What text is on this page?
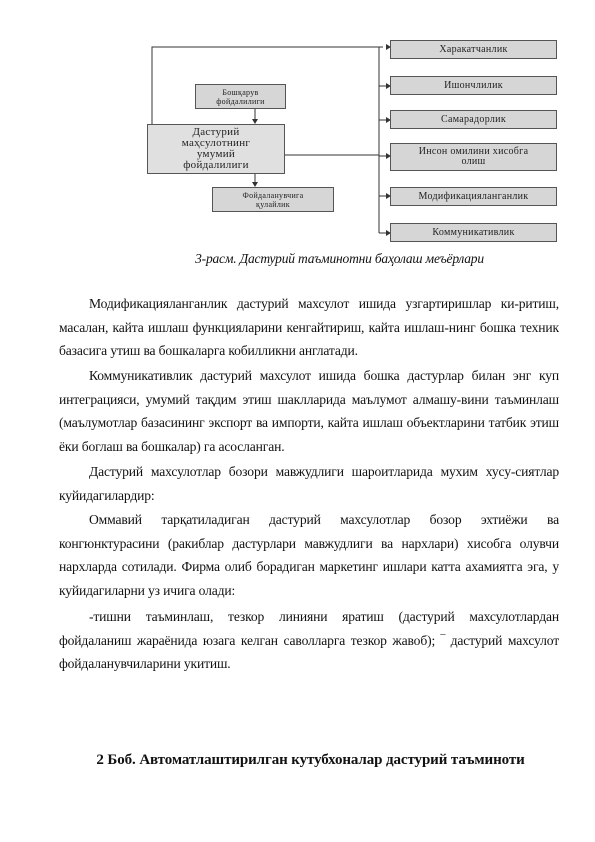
Бошқарув фойдалилиги
Дастурий маҳсулотнинг умумий фойдалилиги
Фойдаланувчига қулайлик
Харакатчанлик
Ишончлилик
Самарадорлик
Инсон омилини хисобга олиш
Модификацияланганлик
Коммуникативлик
3-расм. Дастурий таъминотни баҳолаш меъёрлари

Модификацияланганлик дастурий махсулот ишида узгартиришлар ки-ритиш, масалан, кайта ишлаш функцияларини кенгайтириш, кайта ишлаш-нинг бошка техник базасига утиш ва бошкаларга кобилликни англатади.

Коммуникативлик дастурий махсулот ишида бошка дастурлар билан энг куп интеграцияси, умумий тақдим этиш шаклларида маълумот алмашу-вини таъминлаш (маълумотлар базасининг экспорт ва импорти, кайта ишлаш объектларини татбик этиш ёки боглаш ва бошкалар) га асосланган.

Дастурий махсулотлар бозори мавжудлиги шароитларида мухим хусу-сиятлар куйидагилардир:

Оммавий тарқатиладиган дастурий махсулотлар бозор эхтиёжи ва конгюнктурасини (ракиблар дастурлари мавжудлиги ва нархлари) хисобга олувчи нархларда сотилади. Фирма олиб борадиган маркетинг ишлари катта ахамиятга эга, у куйидагиларни уз ичига олади:

-тишни таъминлаш, тезкор линияни яратиш (дастурий махсулотлардан фойдаланиш жараёнида юзага келган саволларга тезкор жавоб); ‾ дастурий махсулот фойдаланувчиларини укитиш.

2 Боб. Автоматлаштирилган кутубхоналар дастурий таъминоти
